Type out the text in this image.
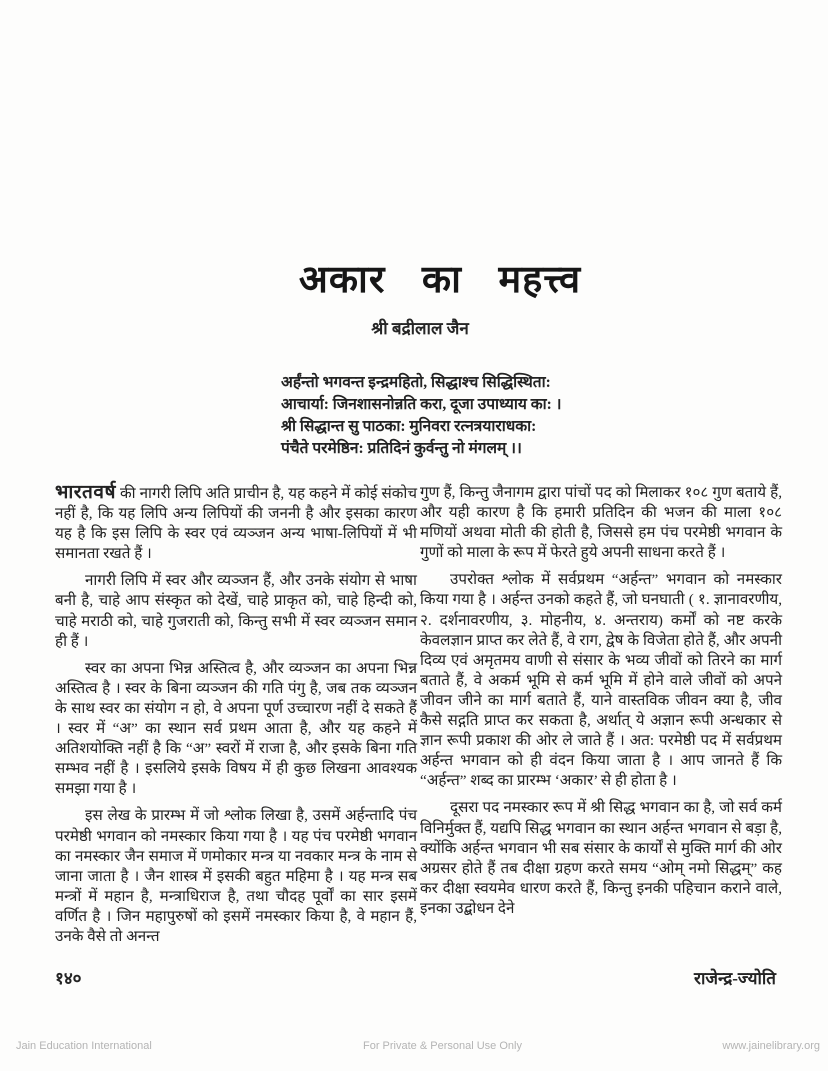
अकार का महत्त्व
श्री बद्रीलाल जैन
अर्हंन्तो भगवन्त इन्द्रमहितो, सिद्धाश्च सिद्धिस्थिता:
आचार्या: जिनशासनोन्नति करा, दूजा उपाध्याय का: ।
श्री सिद्धान्त सु पाठका: मुनिवरा रत्नत्रयाराधका:
पंचैते परमेष्ठिन: प्रतिदिनं कुर्वन्तु नो मंगलम् ।।

भारतवर्ष की नागरी लिपि अति प्राचीन है, यह कहने में कोई संकोच नहीं है, कि यह लिपि अन्य लिपियों की जननी है और इसका कारण यह है कि इस लिपि के स्वर एवं व्यञ्जन अन्य भाषा-लिपियों में भी समानता रखते हैं ।

नागरी लिपि में स्वर और व्यञ्जन हैं, और उनके संयोग से भाषा बनी है, चाहे आप संस्कृत को देखें, चाहे प्राकृत को, चाहे हिन्दी को, चाहे मराठी को, चाहे गुजराती को, किन्तु सभी में स्वर व्यञ्जन समान ही हैं ।

स्वर का अपना भिन्न अस्तित्व है, और व्यञ्जन का अपना भिन्न अस्तित्व है । स्वर के बिना व्यञ्जन की गति पंगु है, जब तक व्यञ्जन के साथ स्वर का संयोग न हो, वे अपना पूर्ण उच्चारण नहीं दे सकते हैं । स्वर में “अ” का स्थान सर्व प्रथम आता है, और यह कहने में अतिशयोक्ति नहीं है कि “अ” स्वरों में राजा है, और इसके बिना गति सम्भव नहीं है । इसलिये इसके विषय में ही कुछ लिखना आवश्यक समझा गया है ।

इस लेख के प्रारम्भ में जो श्लोक लिखा है, उसमें अर्हन्तादि पंच परमेष्ठी भगवान को नमस्कार किया गया है । यह पंच परमेष्ठी भगवान का नमस्कार जैन समाज में णमोकार मन्त्र या नवकार मन्त्र के नाम से जाना जाता है । जैन शास्त्र में इसकी बहुत महिमा है । यह मन्त्र सब मन्त्रों में महान है, मन्त्राधिराज है, तथा चौदह पूर्वों का सार इसमें वर्णित है । जिन महापुरुषों को इसमें नमस्कार किया है, वे महान हैं, उनके वैसे तो अनन्त

गुण हैं, किन्तु जैनागम द्वारा पांचों पद को मिलाकर १०८ गुण बताये हैं, और यही कारण है कि हमारी प्रतिदिन की भजन की माला १०८ मणियों अथवा मोती की होती है, जिससे हम पंच परमेष्ठी भगवान के गुणों को माला के रूप में फेरते हुये अपनी साधना करते हैं ।

उपरोक्त श्लोक में सर्वप्रथम “अर्हन्त” भगवान को नमस्कार किया गया है । अर्हन्त उनको कहते हैं, जो घनघाती ( १. ज्ञानावरणीय, २. दर्शनावरणीय, ३. मोहनीय, ४. अन्तराय) कर्मों को नष्ट करके केवलज्ञान प्राप्त कर लेते हैं, वे राग, द्वेष के विजेता होते हैं, और अपनी दिव्य एवं अमृतमय वाणी से संसार के भव्य जीवों को तिरने का मार्ग बताते हैं, वे अकर्म भूमि से कर्म भूमि में होने वाले जीवों को अपने जीवन जीने का मार्ग बताते हैं, याने वास्तविक जीवन क्या है, जीव कैसे सद्गति प्राप्त कर सकता है, अर्थात् ये अज्ञान रूपी अन्धकार से ज्ञान रूपी प्रकाश की ओर ले जाते हैं । अत: परमेष्ठी पद में सर्वप्रथम अर्हन्त भगवान को ही वंदन किया जाता है । आप जानते हैं कि “अर्हन्त” शब्द का प्रारम्भ ‘अकार’ से ही होता है ।

दूसरा पद नमस्कार रूप में श्री सिद्ध भगवान का है, जो सर्व कर्म विनिर्मुक्त हैं, यद्यपि सिद्ध भगवान का स्थान अर्हन्त भगवान से बड़ा है, क्योंकि अर्हन्त भगवान भी सब संसार के कार्यों से मुक्ति मार्ग की ओर अग्रसर होते हैं तब दीक्षा ग्रहण करते समय “ओम् नमो सिद्धम्” कह कर दीक्षा स्वयमेव धारण करते हैं, किन्तु इनकी पहिचान कराने वाले, इनका उद्बोधन देने

१४०	राजेन्द्र-ज्योति
Jain Education International	For Private & Personal Use Only	www.jainelibrary.org
